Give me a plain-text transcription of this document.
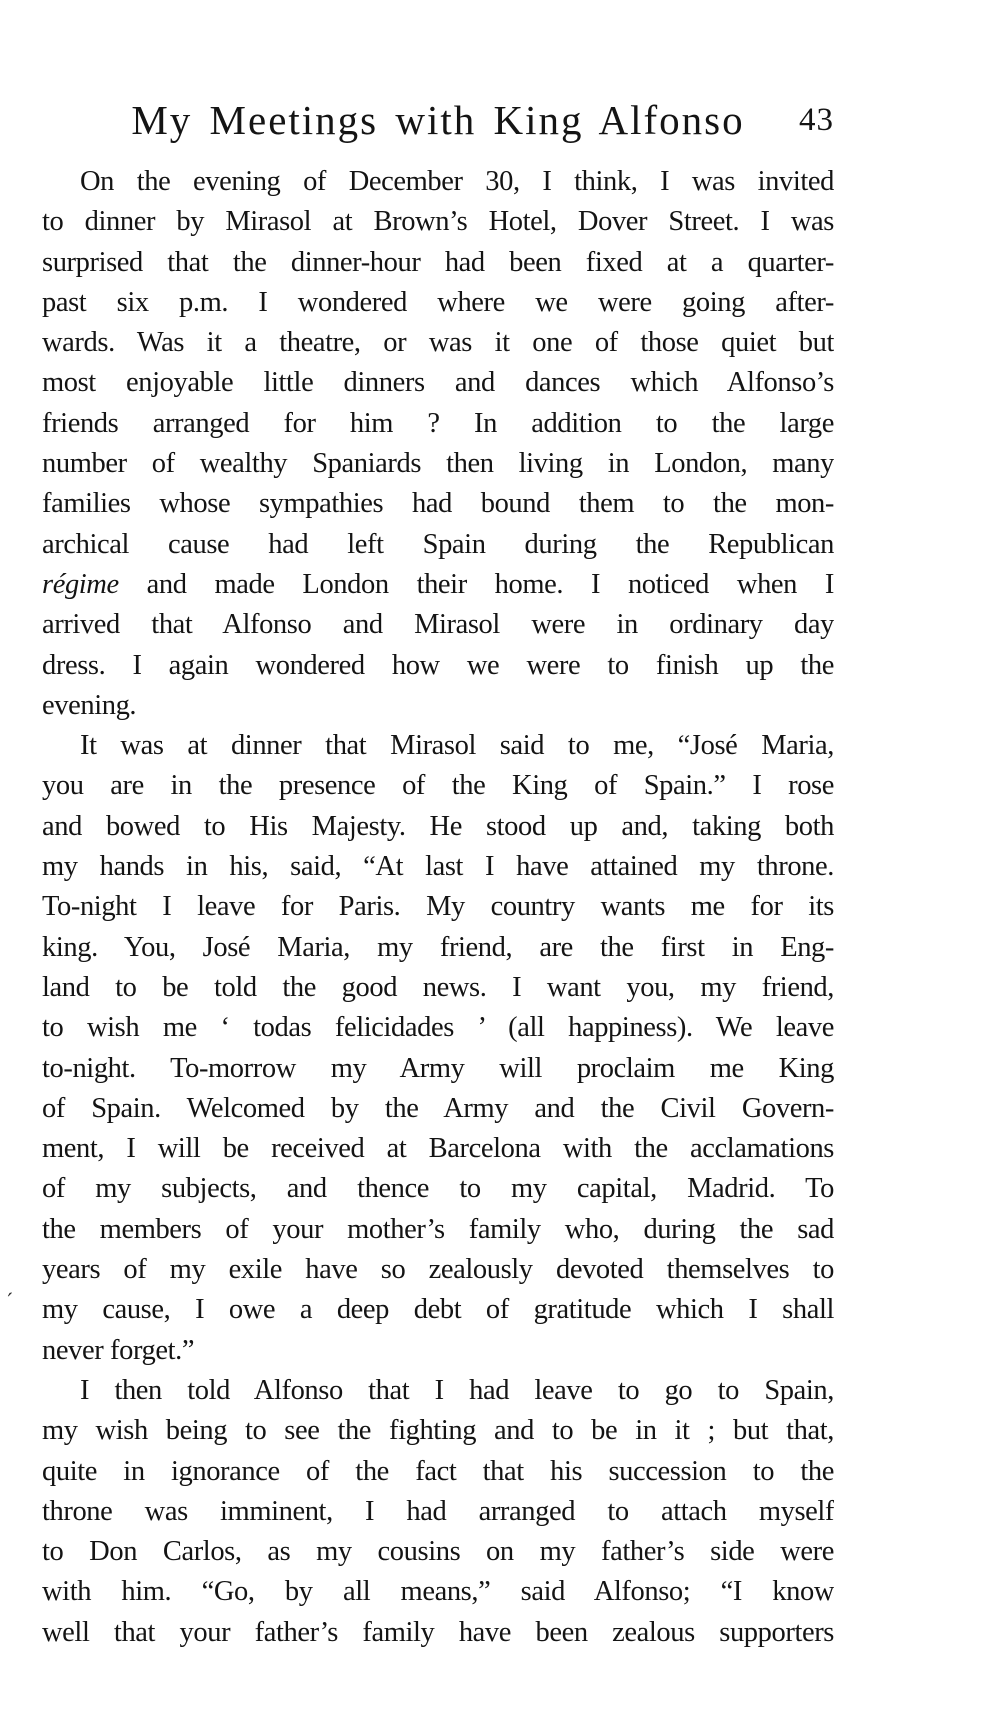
´
My Meetings with King Alfonso	43
On the evening of December 30, I think, I was invited
to dinner by Mirasol at Brown’s Hotel, Dover Street. I was
surprised that the dinner-hour had been fixed at a quarter-
past six p.m. I wondered where we were going after-
wards. Was it a theatre, or was it one of those quiet but
most enjoyable little dinners and dances which Alfonso’s
friends arranged for him ? In addition to the large
number of wealthy Spaniards then living in London, many
families whose sympathies had bound them to the mon-
archical cause had left Spain during the Republican
régime and made London their home. I noticed when I
arrived that Alfonso and Mirasol were in ordinary day
dress. I again wondered how we were to finish up the
evening.
It was at dinner that Mirasol said to me, “José Maria,
you are in the presence of the King of Spain.” I rose
and bowed to His Majesty. He stood up and, taking both
my hands in his, said, “At last I have attained my throne.
To-night I leave for Paris. My country wants me for its
king. You, José Maria, my friend, are the first in Eng-
land to be told the good news. I want you, my friend,
to wish me ‘ todas felicidades ’ (all happiness). We leave
to-night. To-morrow my Army will proclaim me King
of Spain. Welcomed by the Army and the Civil Govern-
ment, I will be received at Barcelona with the acclamations
of my subjects, and thence to my capital, Madrid. To
the members of your mother’s family who, during the sad
years of my exile have so zealously devoted themselves to
my cause, I owe a deep debt of gratitude which I shall
never forget.”
I then told Alfonso that I had leave to go to Spain,
my wish being to see the fighting and to be in it ; but that,
quite in ignorance of the fact that his succession to the
throne was imminent, I had arranged to attach myself
to Don Carlos, as my cousins on my father’s side were
with him. “Go, by all means,” said Alfonso; “I know
well that your father’s family have been zealous supporters
